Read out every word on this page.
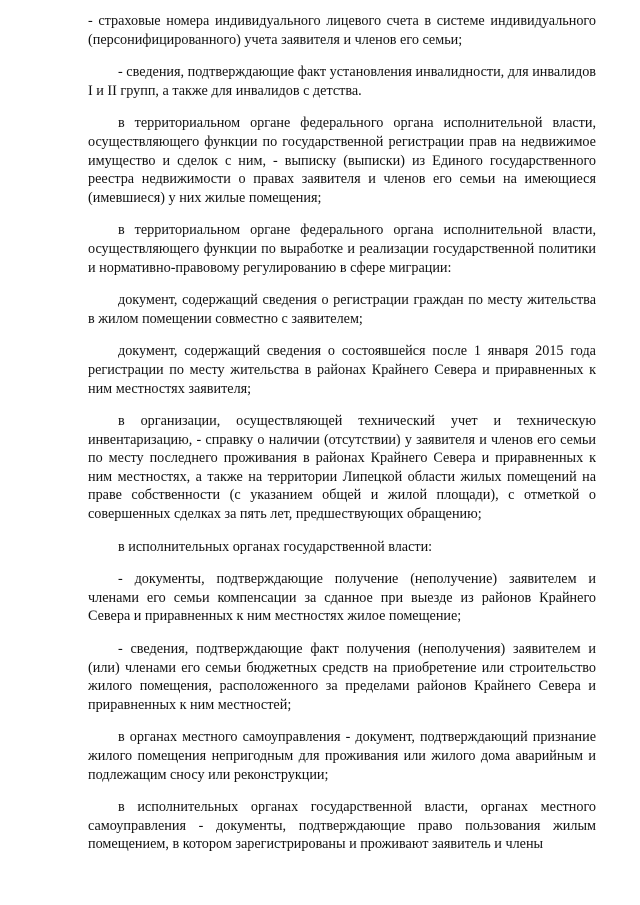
- страховые номера индивидуального лицевого счета в системе индивидуального (персонифицированного) учета заявителя и членов его семьи;

- сведения, подтверждающие факт установления инвалидности, для инвалидов I и II групп, а также для инвалидов с детства.

в территориальном органе федерального органа исполнительной власти, осуществляющего функции по государственной регистрации прав на недвижимое имущество и сделок с ним, - выписку (выписки) из Единого государственного реестра недвижимости о правах заявителя и членов его семьи на имеющиеся (имевшиеся) у них жилые помещения;

в территориальном органе федерального органа исполнительной власти, осуществляющего функции по выработке и реализации государственной политики и нормативно-правовому регулированию в сфере миграции:

документ, содержащий сведения о регистрации граждан по месту жительства в жилом помещении совместно с заявителем;

документ, содержащий сведения о состоявшейся после 1 января 2015 года регистрации по месту жительства в районах Крайнего Севера и приравненных к ним местностях заявителя;

в организации, осуществляющей технический учет и техническую инвентаризацию, - справку о наличии (отсутствии) у заявителя и членов его семьи по месту последнего проживания в районах Крайнего Севера и приравненных к ним местностях, а также на территории Липецкой области жилых помещений на праве собственности (с указанием общей и жилой площади), с отметкой о совершенных сделках за пять лет, предшествующих обращению;

в исполнительных органах государственной власти:

- документы, подтверждающие получение (неполучение) заявителем и членами его семьи компенсации за сданное при выезде из районов Крайнего Севера и приравненных к ним местностях жилое помещение;

- сведения, подтверждающие факт получения (неполучения) заявителем и (или) членами его семьи бюджетных средств на приобретение или строительство жилого помещения, расположенного за пределами районов Крайнего Севера и приравненных к ним местностей;

в органах местного самоуправления - документ, подтверждающий признание жилого помещения непригодным для проживания или жилого дома аварийным и подлежащим сносу или реконструкции;

в исполнительных органах государственной власти, органах местного самоуправления - документы, подтверждающие право пользования жилым помещением, в котором зарегистрированы и проживают заявитель и члены
